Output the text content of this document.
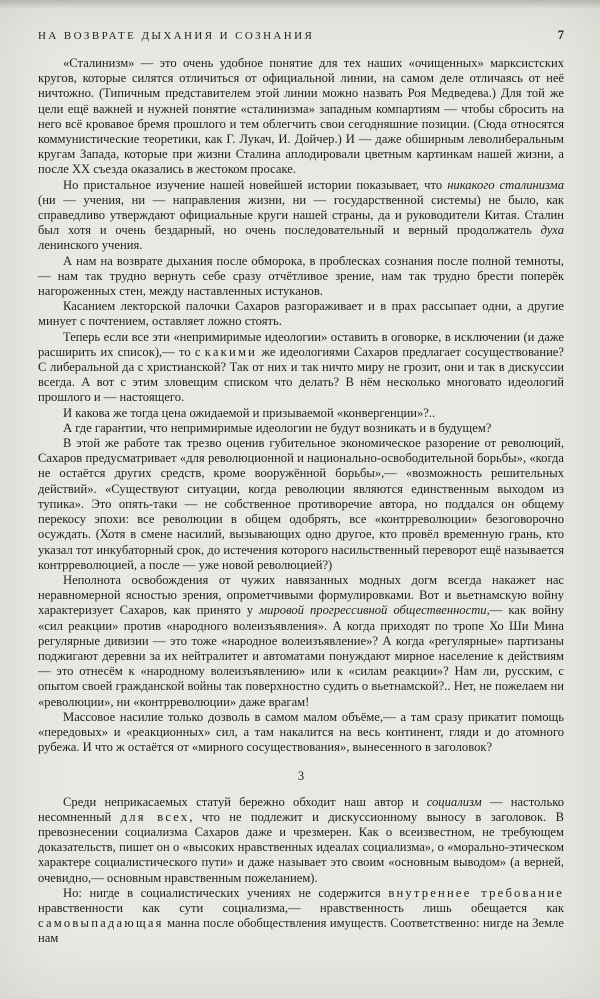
НА ВОЗВРАТЕ ДЫХАНИЯ И СОЗНАНИЯ	7

«Сталинизм» — это очень удобное понятие для тех наших «очищенных» марксистских кругов, которые силятся отличиться от официальной линии, на самом деле отличаясь от неё ничтожно. (Типичным представителем этой линии можно назвать Роя Медведева.) Для той же цели ещё важней и нужней понятие «сталинизма» западным компартиям — чтобы сбросить на него всё кровавое бремя прошлого и тем облегчить свои сегодняшние позиции. (Сюда относятся коммунистические теоретики, как Г. Лукач, И. Дойчер.) И — даже обширным леволиберальным кругам Запада, которые при жизни Сталина аплодировали цветным картинкам нашей жизни, а после XX съезда оказались в жестоком просаке.

Но пристальное изучение нашей новейшей истории показывает, что никакого сталинизма (ни — учения, ни — направления жизни, ни — государственной системы) не было, как справедливо утверждают официальные круги нашей страны, да и руководители Китая. Сталин был хотя и очень бездарный, но очень последовательный и верный продолжатель духа ленинского учения.

А нам на возврате дыхания после обморока, в проблесках сознания после полной темноты,— нам так трудно вернуть себе сразу отчётливое зрение, нам так трудно брести поперёк нагороженных стен, между наставленных истуканов.

Касанием лекторской палочки Сахаров разгораживает и в прах рассыпает одни, а другие минует с почтением, оставляет ложно стоять.

Теперь если все эти «непримиримые идеологии» оставить в оговорке, в исключении (и даже расширить их список),— то с какими же идеологиями Сахаров предлагает сосуществование? С либеральной да с христианской? Так от них и так ничто миру не грозит, они и так в дискуссии всегда. А вот с этим зловещим списком что делать? В нём несколько многовато идеологий прошлого и — настоящего.

И какова же тогда цена ожидаемой и призываемой «конвергенции»?..

А где гарантии, что непримиримые идеологии не будут возникать и в будущем?

В этой же работе так трезво оценив губительное экономическое разорение от революций, Сахаров предусматривает «для революционной и национально-освободительной борьбы», «когда не остаётся других средств, кроме вооружённой борьбы»,— «возможность решительных действий». «Существуют ситуации, когда революции являются единственным выходом из тупика». Это опять-таки — не собственное противоречие автора, но поддался он общему перекосу эпохи: все революции в общем одобрять, все «контрреволюции» безоговорочно осуждать. (Хотя в смене насилий, вызывающих одно другое, кто провёл временную грань, кто указал тот инкубаторный срок, до истечения которого насильственный переворот ещё называется контрреволюцией, а после — уже новой революцией?)

Неполнота освобождения от чужих навязанных модных догм всегда накажет нас неравномерной ясностью зрения, опрометчивыми формулировками. Вот и вьетнамскую войну характеризует Сахаров, как принято у мировой прогрессивной общественности,— как войну «сил реакции» против «народного волеизъявления». А когда приходят по тропе Хо Ши Мина регулярные дивизии — это тоже «народное волеизъявление»? А когда «регулярные» партизаны поджигают деревни за их нейтралитет и автоматами понуждают мирное население к действиям — это отнесём к «народному волеизъявлению» или к «силам реакции»? Нам ли, русским, с опытом своей гражданской войны так поверхностно судить о вьетнамской?.. Нет, не пожелаем ни «революции», ни «контрреволюции» даже врагам!

Массовое насилие только дозволь в самом малом объёме,— а там сразу прикатит помощь «передовых» и «реакционных» сил, а там накалится на весь континент, гляди и до атомного рубежа. И что ж остаётся от «мирного сосуществования», вынесенного в заголовок?

3

Среди неприкасаемых статуй бережно обходит наш автор и социализм — настолько несомненный для всех, что не подлежит и дискуссионному выносу в заголовок. В превознесении социализма Сахаров даже и чрезмерен. Как о всеизвестном, не требующем доказательств, пишет он о «высоких нравственных идеалах социализма», о «морально-этическом характере социалистического пути» и даже называет это своим «основным выводом» (а верней, очевидно,— основным нравственным пожеланием).

Но: нигде в социалистических учениях не содержится внутреннее требование нравственности как сути социализма,— нравственность лишь обещается как самовыпадающая манна после обобществления имуществ. Соответственно: нигде на Земле нам
